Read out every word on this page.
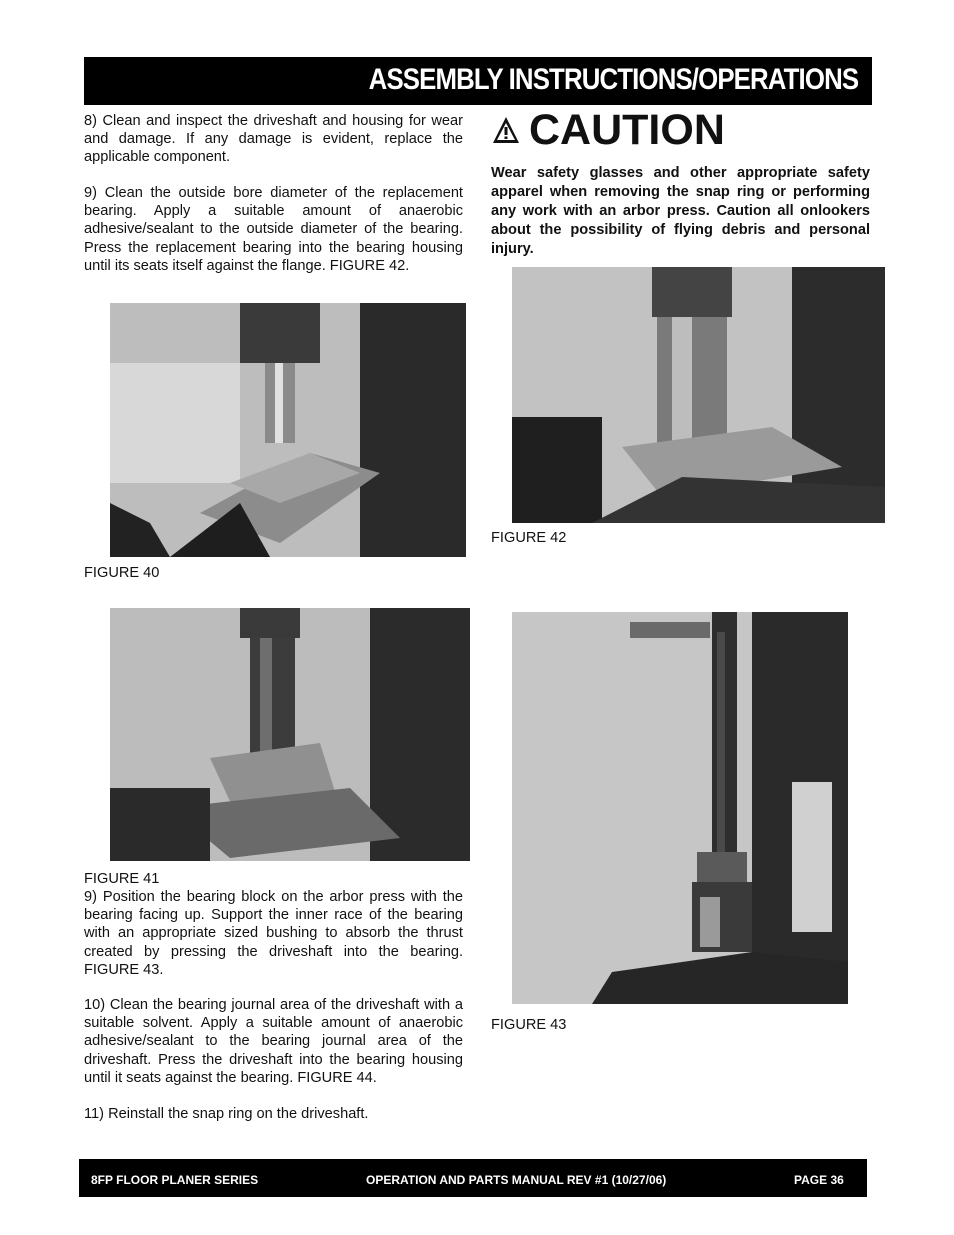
ASSEMBLY INSTRUCTIONS/OPERATIONS

8) Clean and inspect the driveshaft and housing for wear and damage. If any damage is evident, replace the applicable component.

9) Clean the outside bore diameter of the replacement bearing. Apply a suitable amount of anaerobic adhesive/sealant to the outside diameter of the bearing. Press the replacement bearing into the bearing housing until its seats itself against the flange. FIGURE 42.

FIGURE 40

FIGURE 41

9) Position the bearing block on the arbor press with the bearing facing up. Support the inner race of the bearing with an appropriate sized bushing to absorb the thrust created by pressing the driveshaft into the bearing. FIGURE 43.

10) Clean the bearing journal area of the driveshaft with a suitable solvent. Apply a suitable amount of anaerobic adhesive/sealant to the bearing journal area of the driveshaft. Press the driveshaft into the bearing housing until it seats against the bearing. FIGURE 44.

11) Reinstall the snap ring on the driveshaft.

CAUTION

Wear safety glasses and other appropriate safety apparel when removing the snap ring or performing any work with an arbor press. Caution all onlookers about the possibility of flying debris and personal injury.

FIGURE 42

FIGURE 43

8FP FLOOR PLANER SERIES	OPERATION AND PARTS MANUAL REV #1 (10/27/06)	PAGE 36
